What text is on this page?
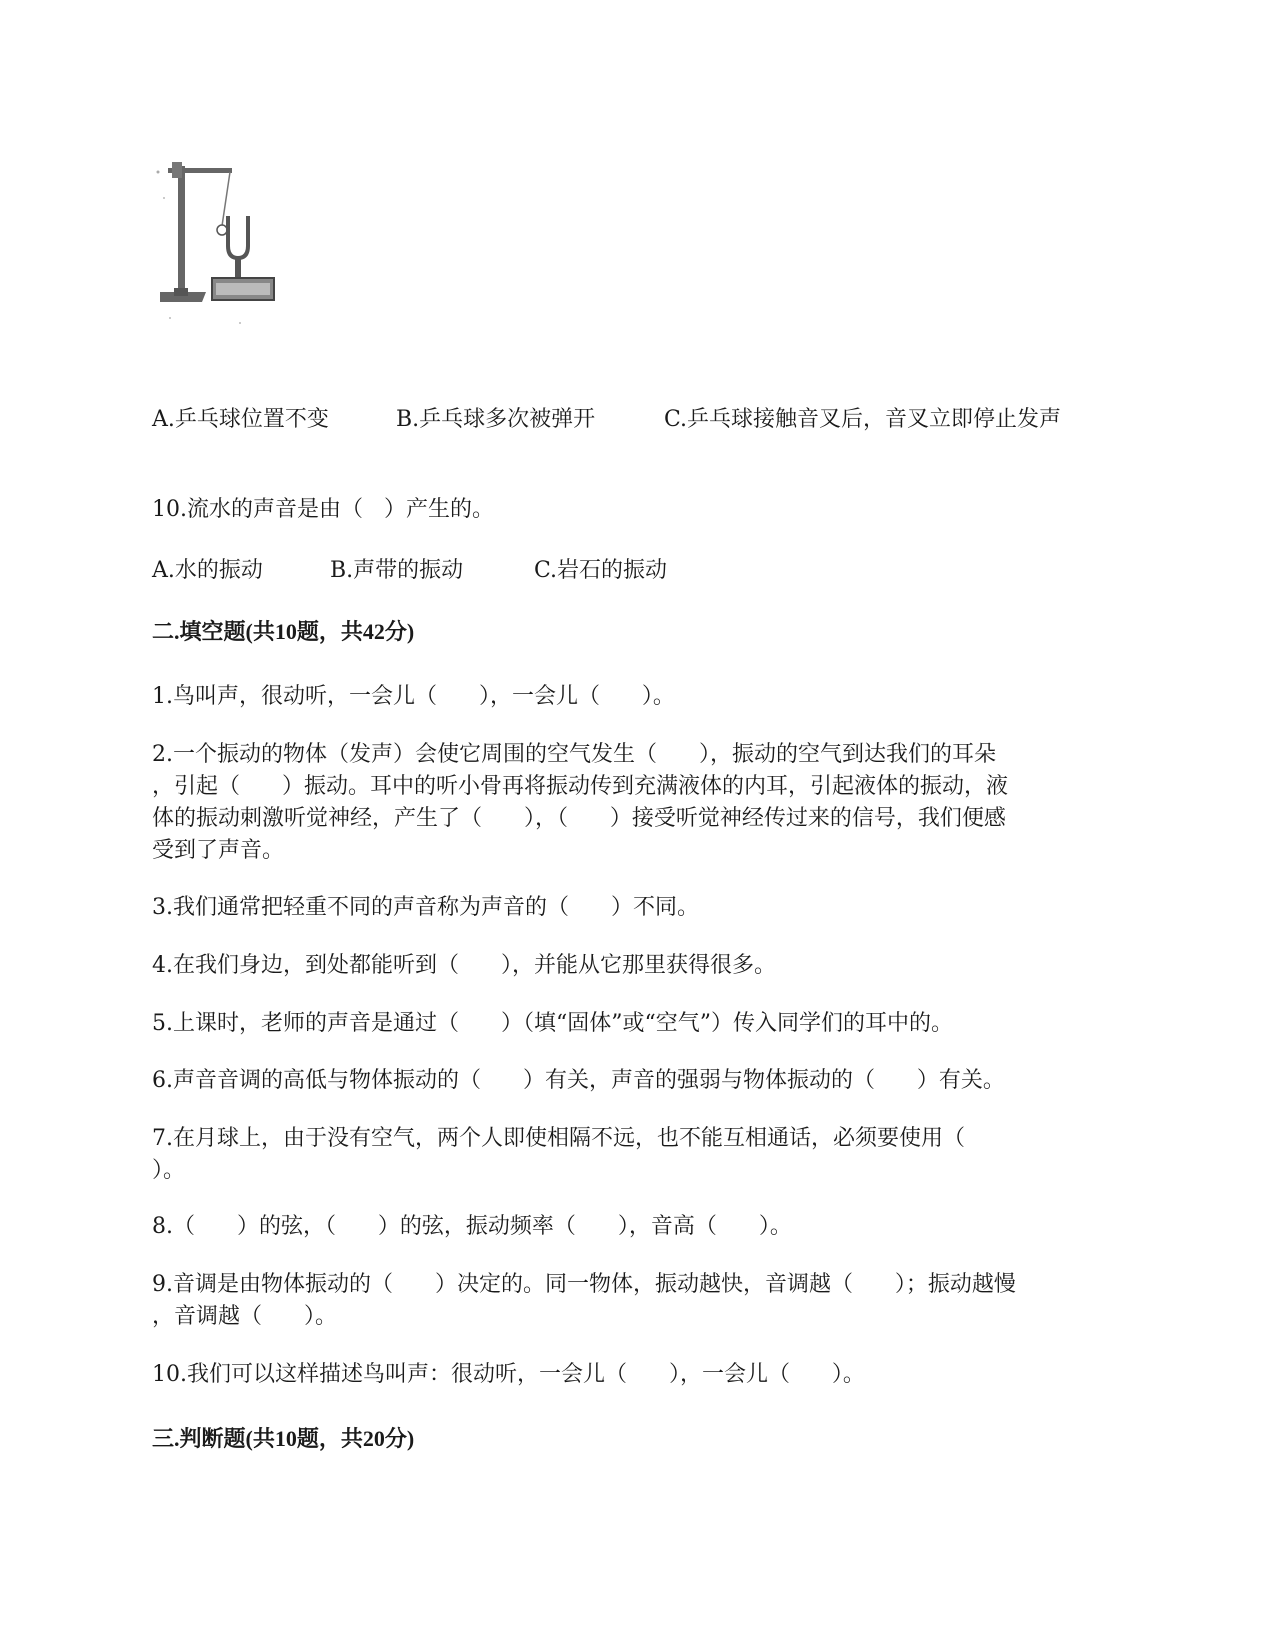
A.乒乓球位置不变	B.乒乓球多次被弹开	C.乒乓球接触音叉后，音叉立即停止发声
10.流水的声音是由（   ）产生的。
A.水的振动	B.声带的振动	C.岩石的振动
二.填空题(共10题，共42分)
1.鸟叫声，很动听，一会儿（      ），一会儿（      ）。
2.一个振动的物体（发声）会使它周围的空气发生（      ），振动的空气到达我们的耳朵
，引起（      ）振动。耳中的听小骨再将振动传到充满液体的内耳，引起液体的振动，液
体的振动刺激听觉神经，产生了（      ），（      ）接受听觉神经传过来的信号，我们便感
受到了声音。
3.我们通常把轻重不同的声音称为声音的（      ）不同。
4.在我们身边，到处都能听到（      ），并能从它那里获得很多。
5.上课时，老师的声音是通过（      ）（填“固体”或“空气”）传入同学们的耳中的。
6.声音音调的高低与物体振动的（      ）有关，声音的强弱与物体振动的（      ）有关。
7.在月球上，由于没有空气，两个人即使相隔不远，也不能互相通话，必须要使用（
）。
8.（      ）的弦，（      ）的弦，振动频率（      ），音高（      ）。
9.音调是由物体振动的（      ）决定的。同一物体，振动越快，音调越（      ）；振动越慢
，音调越（      ）。
10.我们可以这样描述鸟叫声：很动听，一会儿（      ），一会儿（      ）。
三.判断题(共10题，共20分)
